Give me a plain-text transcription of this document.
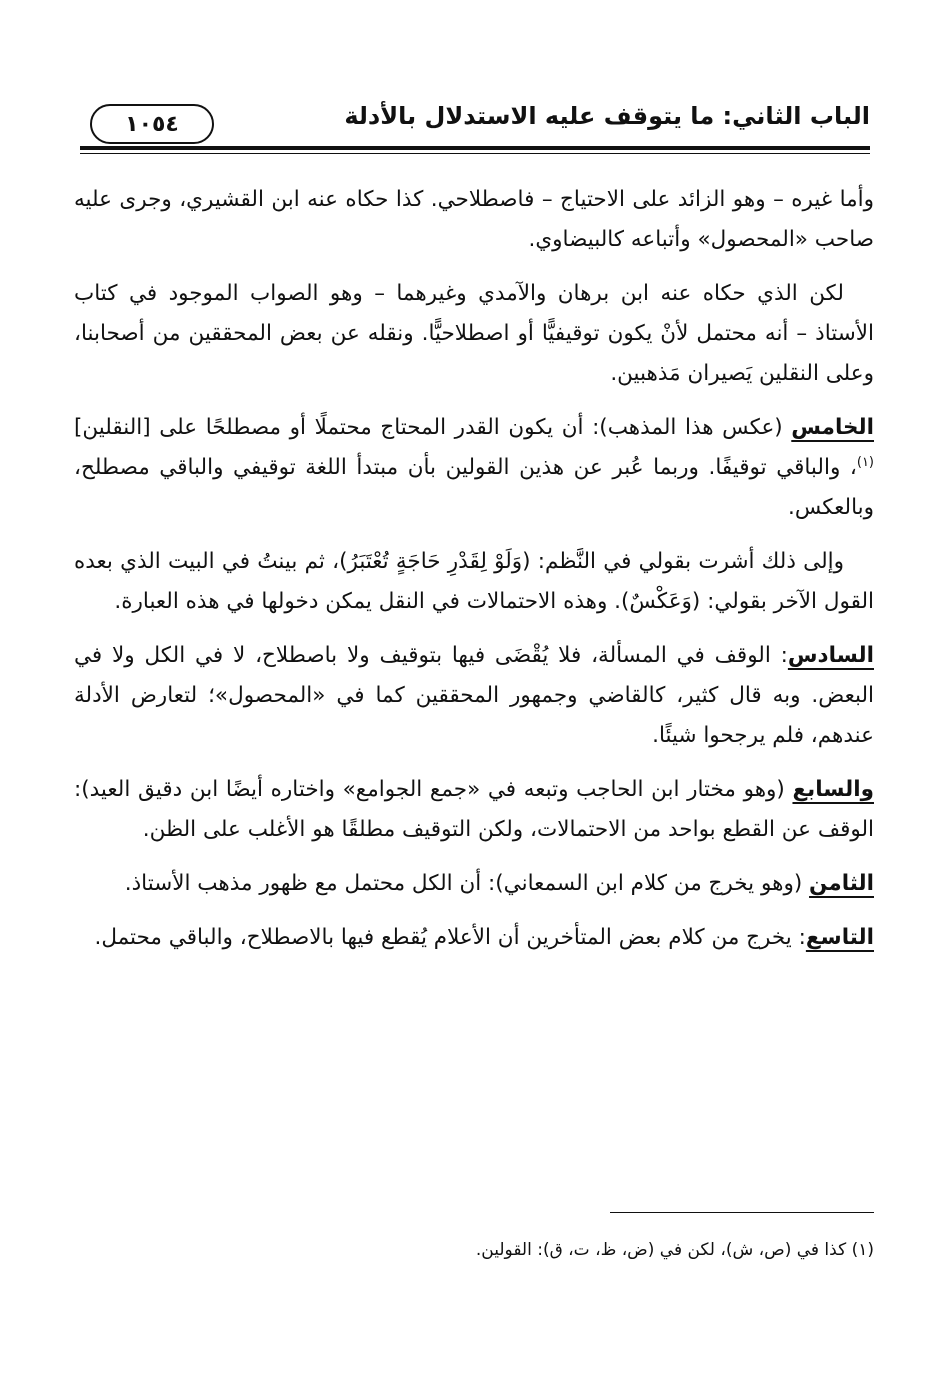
الباب الثاني: ما يتوقف عليه الاستدلال بالأدلة
١٠٥٤

وأما غيره – وهو الزائد على الاحتياج – فاصطلاحي. كذا حكاه عنه ابن القشيري، وجرى عليه صاحب «المحصول» وأتباعه كالبيضاوي.

لكن الذي حكاه عنه ابن برهان والآمدي وغيرهما – وهو الصواب الموجود في كتاب الأستاذ – أنه محتمل لأنْ يكون توقيفيًّا أو اصطلاحيًّا. ونقله عن بعض المحققين من أصحابنا، وعلى النقلين يَصيران مَذهبين.

الخامس (عكس هذا المذهب): أن يكون القدر المحتاج محتملًا أو مصطلحًا على [النقلين]$^{(١)}$، والباقي توقيفًا. وربما عُبر عن هذين القولين بأن مبتدأ اللغة توقيفي والباقي مصطلح، وبالعكس.

وإلى ذلك أشرت بقولي في النَّظم: (وَلَوْ لِقَدْرِ حَاجَةٍ تُعْتَبَرُ)، ثم بينتُ في البيت الذي بعده القول الآخر بقولي: (وَعَكْسٌ). وهذه الاحتمالات في النقل يمكن دخولها في هذه العبارة.

السادس: الوقف في المسألة، فلا يُقْضَى فيها بتوقيف ولا باصطلاح، لا في الكل ولا في البعض. وبه قال كثير، كالقاضي وجمهور المحققين كما في «المحصول»؛ لتعارض الأدلة عندهم، فلم يرجحوا شيئًا.

والسابع (وهو مختار ابن الحاجب وتبعه في «جمع الجوامع» واختاره أيضًا ابن دقيق العيد): الوقف عن القطع بواحد من الاحتمالات، ولكن التوقيف مطلقًا هو الأغلب على الظن.

الثامن (وهو يخرج من كلام ابن السمعاني): أن الكل محتمل مع ظهور مذهب الأستاذ.

التاسع: يخرج من كلام بعض المتأخرين أن الأعلام يُقطع فيها بالاصطلاح، والباقي محتمل.

(١) كذا في (ص، ش)، لكن في (ض، ظ، ت، ق): القولين.
